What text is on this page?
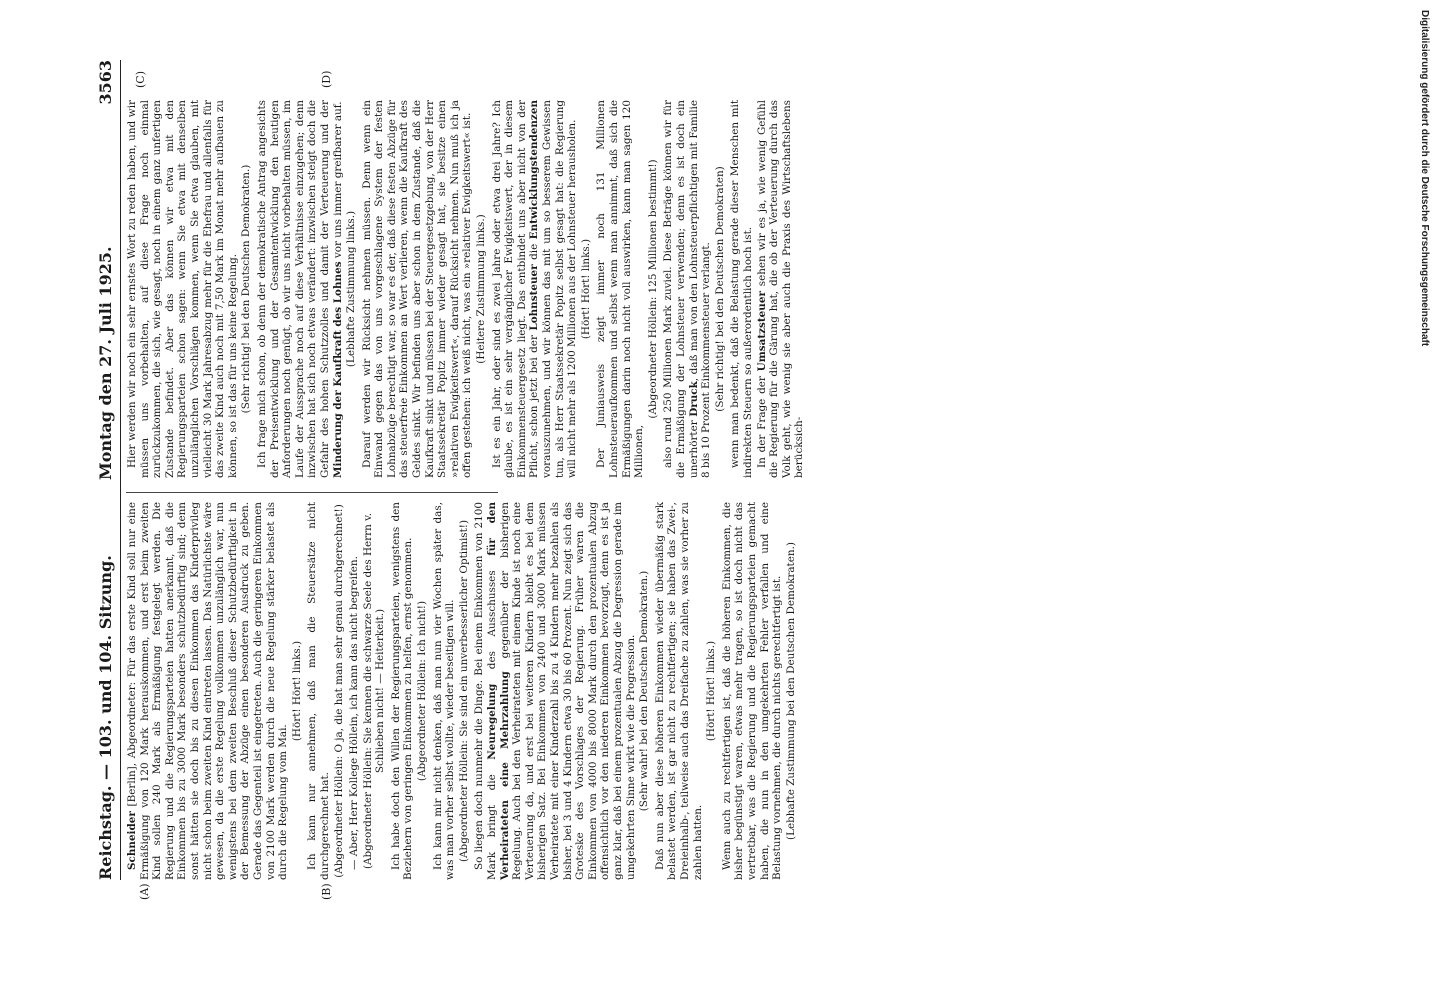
Reichstag. — 103. und 104. Sitzung.
Montag den 27. Juli 1925.
3563
(A)	(B)
(C)	(D)

Schneider [Berlin], Abgeordneter: Für das erste Kind soll nur eine Ermäßigung von 120 Mark herauskommen, und erst beim zweiten Kind sollen 240 Mark als Ermäßigung festgelegt werden. Die Regierung und die Regierungsparteien hatten anerkannt, daß die Einkommen bis zu 3000 Mark besonders schutzbedürftig sind; denn sonst hätten sie doch bis zu diesen Einkommen das Kinderprivileg nicht schon beim zweiten Kind eintreten lassen. Das Natürlichste wäre gewesen, da die erste Regelung vollkommen unzulänglich war, nun wenigstens bei dem zweiten Beschluß dieser Schutzbedürftigkeit in der Bemessung der Abzüge einen besonderen Ausdruck zu geben. Gerade das Gegenteil ist eingetreten. Auch die geringeren Einkommen von 2100 Mark werden durch die neue Regelung stärker belastet als durch die Regelung vom Mai.

(Hört! Hört! links.) Ich kann nur annehmen, daß man die Steuersätze nicht durchgerechnet hat. (Abgeordneter Höllein: O ja, die hat man sehr genau durchgerechnet!) — Aber, Herr Kollege Höllein, ich kann das nicht begreifen. (Abgeordneter Höllein: Sie kennen die schwarze Seele des Herrn v. Schlieben nicht! — Heiterkeit.) Ich habe doch den Willen der Regierungsparteien, wenigstens den Beziehern von geringen Einkommen zu helfen, ernst genommen. (Abgeordneter Höllein: Ich nicht!) Ich kann mir nicht denken, daß man nun vier Wochen später das, was man vorher selbst wollte, wieder beseitigen will. (Abgeordneter Höllein: Sie sind ein unverbesserlicher Optimist!) So liegen doch nunmehr die Dinge. Bei einem Einkommen von 2100 Mark bringt die Neuregelung des Ausschusses für den Verheirateten eine Mehrzahlung gegenüber der bisherigen Regelung. Auch bei den Verheirateten mit einem Kinde ist noch eine Verteuerung da, und erst bei weiteren Kindern bleibt es bei dem bisherigen Satz. Bei Einkommen von 2400 und 3000 Mark müssen Verheiratete mit einer Kinderzahl bis zu 4 Kindern mehr bezahlen als bisher, bei 3 und 4 Kindern etwa 30 bis 60 Prozent. Nun zeigt sich das Groteske des Vorschlages der Regierung. Früher waren die Einkommen von 4000 bis 8000 Mark durch den prozentualen Abzug offensichtlich vor den niederen Einkommen bevorzugt, denn es ist ja ganz klar, daß bei einem prozentualen Abzug die Degression gerade im umgekehrten Sinne wirkt wie die Progression. (Sehr wahr! bei den Deutschen Demokraten.) Daß nun aber diese höheren Einkommen wieder übermäßig stark belastet werden, ist gar nicht zu rechtfertigen; sie haben das Zwei-, Dreieinhalb-, teilweise auch das Dreifache zu zahlen, was sie vorher zu zahlen hatten.

(Hört! Hört! links.) Wenn auch zu rechtfertigen ist, daß die höheren Einkommen, die bisher begünstigt waren, etwas mehr tragen, so ist doch nicht das vertretbar, was die Regierung und die Regierungsparteien gemacht haben, die nun in den umgekehrten Fehler verfallen und eine Belastung vornehmen, die durch nichts gerechtfertigt ist. (Lebhafte Zustimmung bei den Deutschen Demokraten.)

Hier werden wir noch ein sehr ernstes Wort zu reden haben, und wir müssen uns vorbehalten, auf diese Frage noch einmal zurückzukommen, die sich, wie gesagt, noch in einem ganz unfertigen Zustande befindet. Aber das können wir etwa mit den Regierungsparteien schon sagen: wenn Sie etwa mit denselben unzulänglichen Vorschlägen kommen, wenn Sie etwa glauben, mit vielleicht 30 Mark Jahresabzug mehr für die Ehefrau und allenfalls für das zweite Kind auch noch mit 7,50 Mark im Monat mehr aufbauen zu können, so ist das für uns keine Regelung. (Sehr richtig! bei den Deutschen Demokraten.) Ich frage mich schon, ob denn der demokratische Antrag angesichts der Preisentwicklung und der Gesamtentwicklung den heutigen Anforderungen noch genügt, ob wir uns nicht vorbehalten müssen, im Laufe der Aussprache noch auf diese Verhältnisse einzugehen; denn inzwischen hat sich noch etwas verändert: inzwischen steigt doch die Gefahr des hohen Schutzzolles und damit der Verteuerung und der Minderung der Kaufkraft des Lohnes vor uns immer greifbarer auf.

(Lebhafte Zustimmung links.) Darauf werden wir Rücksicht nehmen müssen. Denn wenn ein Einwand gegen das von uns vorgeschlagene System der festen Lohnabzüge berechtigt war, so war es der, daß diese festen Abzüge für das steuerfreie Einkommen an Wert verlieren, wenn die Kaufkraft des Geldes sinkt. Wir befinden uns aber schon in dem Zustande, daß die Kaufkraft sinkt und müssen bei der Steuergesetzgebung, von der Herr Staatssekretär Popitz immer wieder gesagt hat, sie besitze einen »relativen Ewigkeitswert«, darauf Rücksicht nehmen. Nun muß ich ja offen gestehen: ich weiß nicht, was ein »relativer Ewigkeitswert« ist. (Heitere Zustimmung links.) Ist es ein Jahr, oder sind es zwei Jahre oder etwa drei Jahre? Ich glaube, es ist ein sehr vergänglicher Ewigkeitswert, der in diesem Einkommensteuergesetz liegt. Das entbindet uns aber nicht von der Pflicht, schon jetzt bei der Lohnsteuer die Entwicklungstendenzen vorauszunehmen, und wir können das mit um so besserem Gewissen tun, als Herr Staatssekretär Popitz selbst gesagt hat: die Regierung will nicht mehr als 1200 Millionen aus der Lohnsteuer herausholen. (Hört! Hört! links.) Der Juniausweis zeigt immer noch 131 Millionen Lohnsteueraufkommen und selbst wenn man annimmt, daß sich die Ermäßigungen darin noch nicht voll auswirken, kann man sagen 120 Millionen,

(Abgeordneter Höllein: 125 Millionen bestimmt!) also rund 250 Millionen Mark zuviel. Diese Beträge können wir für die Ermäßigung der Lohnsteuer verwenden; denn es ist doch ein unerhörter Druck, daß man von den Lohnsteuerpflichtigen mit Familie 8 bis 10 Prozent Einkommensteuer verlangt. (Sehr richtig! bei den Deutschen Demokraten) wenn man bedenkt, daß die Belastung gerade dieser Menschen mit indirekten Steuern so außerordentlich hoch ist. In der Frage der Umsatzsteuer sehen wir es ja, wie wenig Gefühl die Regierung für die Gärung hat, die ob der Verteuerung durch das Volk geht, wie wenig sie aber auch die Praxis des Wirtschaftslebens berücksich-

Digitalisierung gefördert durch die Deutsche Forschungsgemeinschaft
